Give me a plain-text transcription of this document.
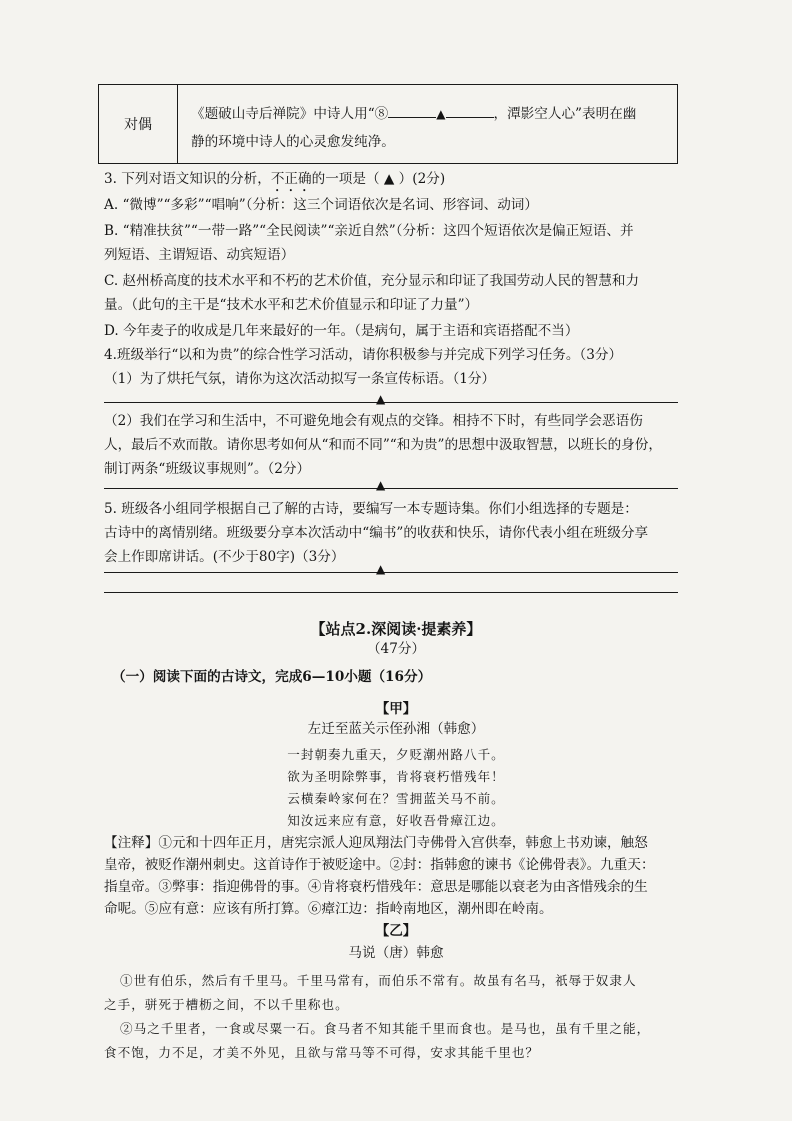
对偶
《题破山寺后禅院》中诗人用“⑧	▲	，潭影空人心”表明在幽
静的环境中诗人的心灵愈发纯净。
3. 下列对语文知识的分析，不正确的一项是（ ▲ ）(2分)
A. “微博”“多彩”“唱响”（分析：这三个词语依次是名词、形容词、动词）
B. “精准扶贫”“一带一路”“全民阅读”“亲近自然”（分析：这四个短语依次是偏正短语、并
列短语、主谓短语、动宾短语）
C. 赵州桥高度的技术水平和不朽的艺术价值，充分显示和印证了我国劳动人民的智慧和力
量。（此句的主干是“技术水平和艺术价值显示和印证了力量”）
D. 今年麦子的收成是几年来最好的一年。（是病句，属于主语和宾语搭配不当）
4.班级举行“以和为贵”的综合性学习活动，请你积极参与并完成下列学习任务。（3分）
（1）为了烘托气氛，请你为这次活动拟写一条宣传标语。（1分）
▲
（2）我们在学习和生活中，不可避免地会有观点的交锋。相持不下时，有些同学会恶语伤
人，最后不欢而散。请你思考如何从“和而不同”“和为贵”的思想中汲取智慧，以班长的身份，
制订两条“班级议事规则”。（2分）
▲
5. 班级各小组同学根据自己了解的古诗，要编写一本专题诗集。你们小组选择的专题是：
古诗中的离情别绪。班级要分享本次活动中“编书”的收获和快乐，请你代表小组在班级分享
会上作即席讲话。(不少于80字)（3分）
▲
【站点2.深阅读·提素养】
（47分）
（一）阅读下面的古诗文，完成6—10小题（16分）
【甲】
左迁至蓝关示侄孙湘（韩愈）
一封朝奏九重天，夕贬潮州路八千。
欲为圣明除弊事，肯将衰朽惜残年！
云横秦岭家何在？雪拥蓝关马不前。
知汝远来应有意，好收吾骨瘴江边。
【注释】①元和十四年正月，唐宪宗派人迎凤翔法门寺佛骨入宫供奉，韩愈上书劝谏，触怒
皇帝，被贬作潮州刺史。这首诗作于被贬途中。②封：指韩愈的谏书《论佛骨表》。九重天：
指皇帝。③弊事：指迎佛骨的事。④肯将衰朽惜残年：意思是哪能以衰老为由吝惜残余的生
命呢。⑤应有意：应该有所打算。⑥瘴江边：指岭南地区，潮州即在岭南。
【乙】
马说（唐）韩愈
①世有伯乐，然后有千里马。千里马常有，而伯乐不常有。故虽有名马，祇辱于奴隶人
之手，骈死于槽枥之间，不以千里称也。
②马之千里者，一食或尽粟一石。食马者不知其能千里而食也。是马也，虽有千里之能，
食不饱，力不足，才美不外见，且欲与常马等不可得，安求其能千里也？
